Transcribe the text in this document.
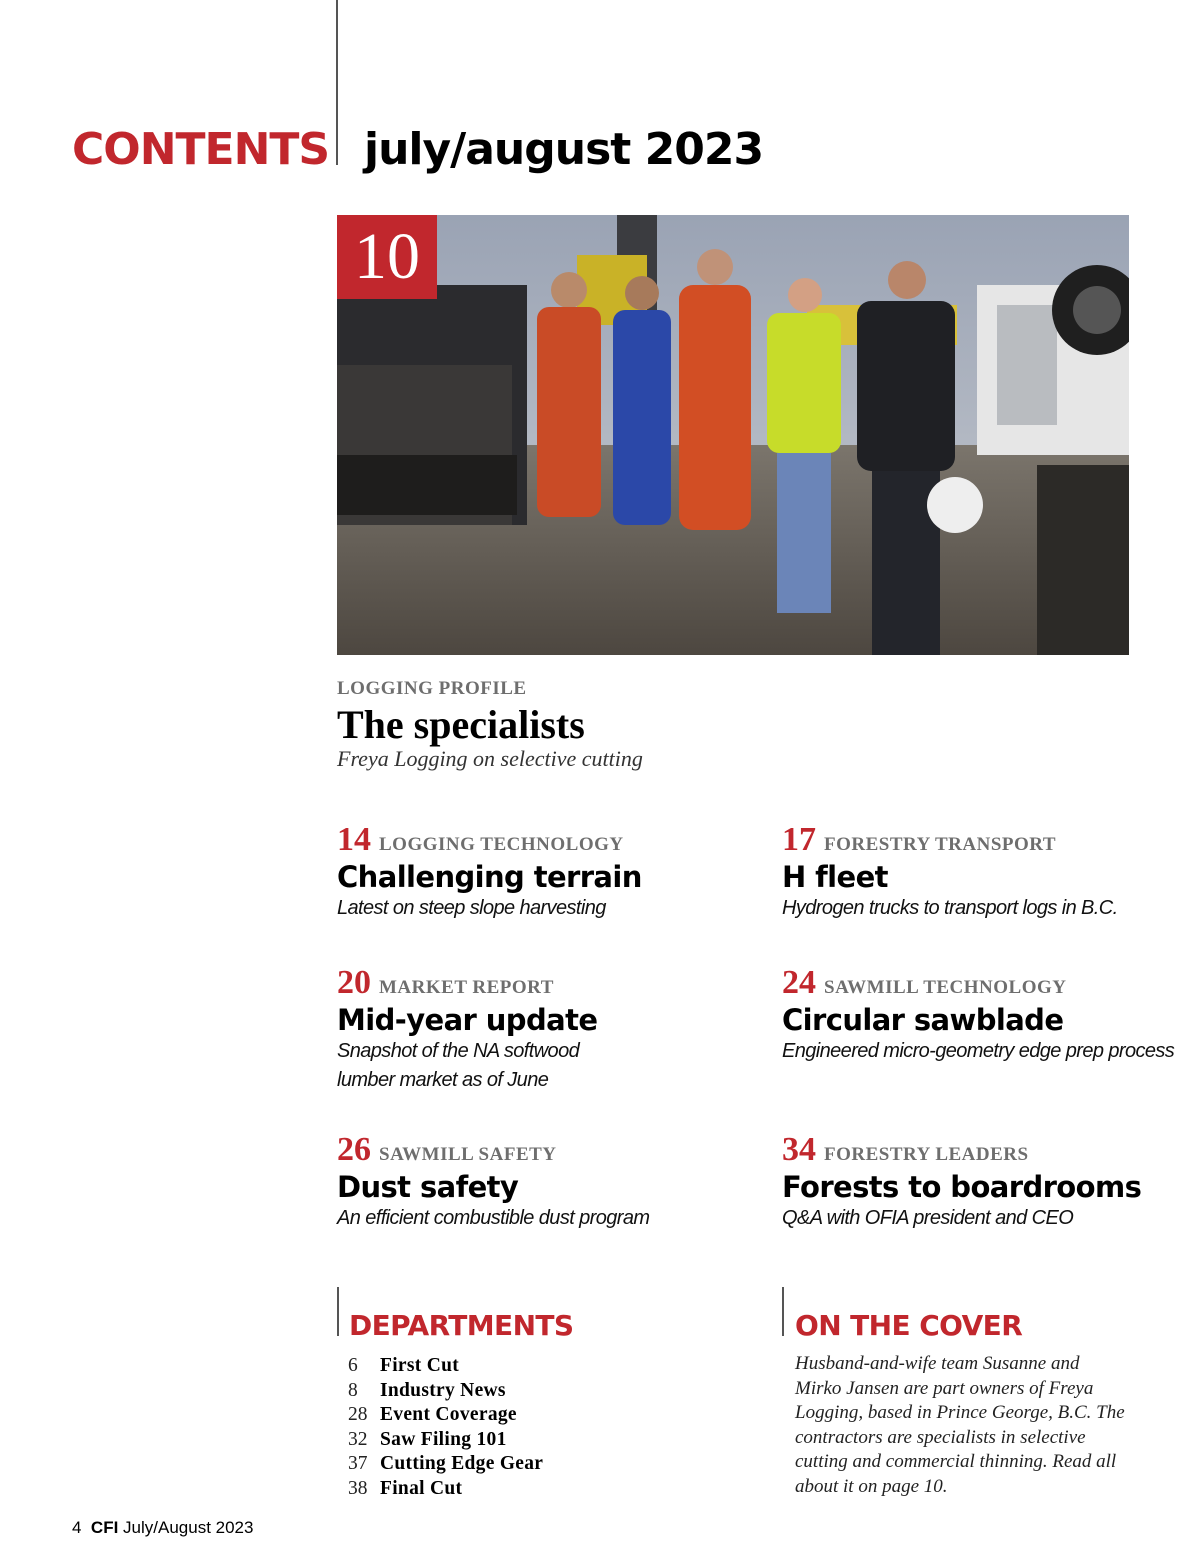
CONTENTS july/august 2023
10
LOGGING PROFILE
The specialists
Freya Logging on selective cutting
14 LOGGING TECHNOLOGY
Challenging terrain
Latest on steep slope harvesting
17 FORESTRY TRANSPORT
H fleet
Hydrogen trucks to transport logs in B.C.
20 MARKET REPORT
Mid-year update
Snapshot of the NA softwood lumber market as of June
24 SAWMILL TECHNOLOGY
Circular sawblade
Engineered micro-geometry edge prep process
26 SAWMILL SAFETY
Dust safety
An efficient combustible dust program
34 FORESTRY LEADERS
Forests to boardrooms
Q&A with OFIA president and CEO
DEPARTMENTS
6	First Cut
8	Industry News
28 Event Coverage
32 Saw Filing 101
37 Cutting Edge Gear
38 Final Cut
ON THE COVER
Husband-and-wife team Susanne and Mirko Jansen are part owners of Freya Logging, based in Prince George, B.C. The contractors are specialists in selective cutting and commercial thinning. Read all about it on page 10.
4 CFI July/August 2023
